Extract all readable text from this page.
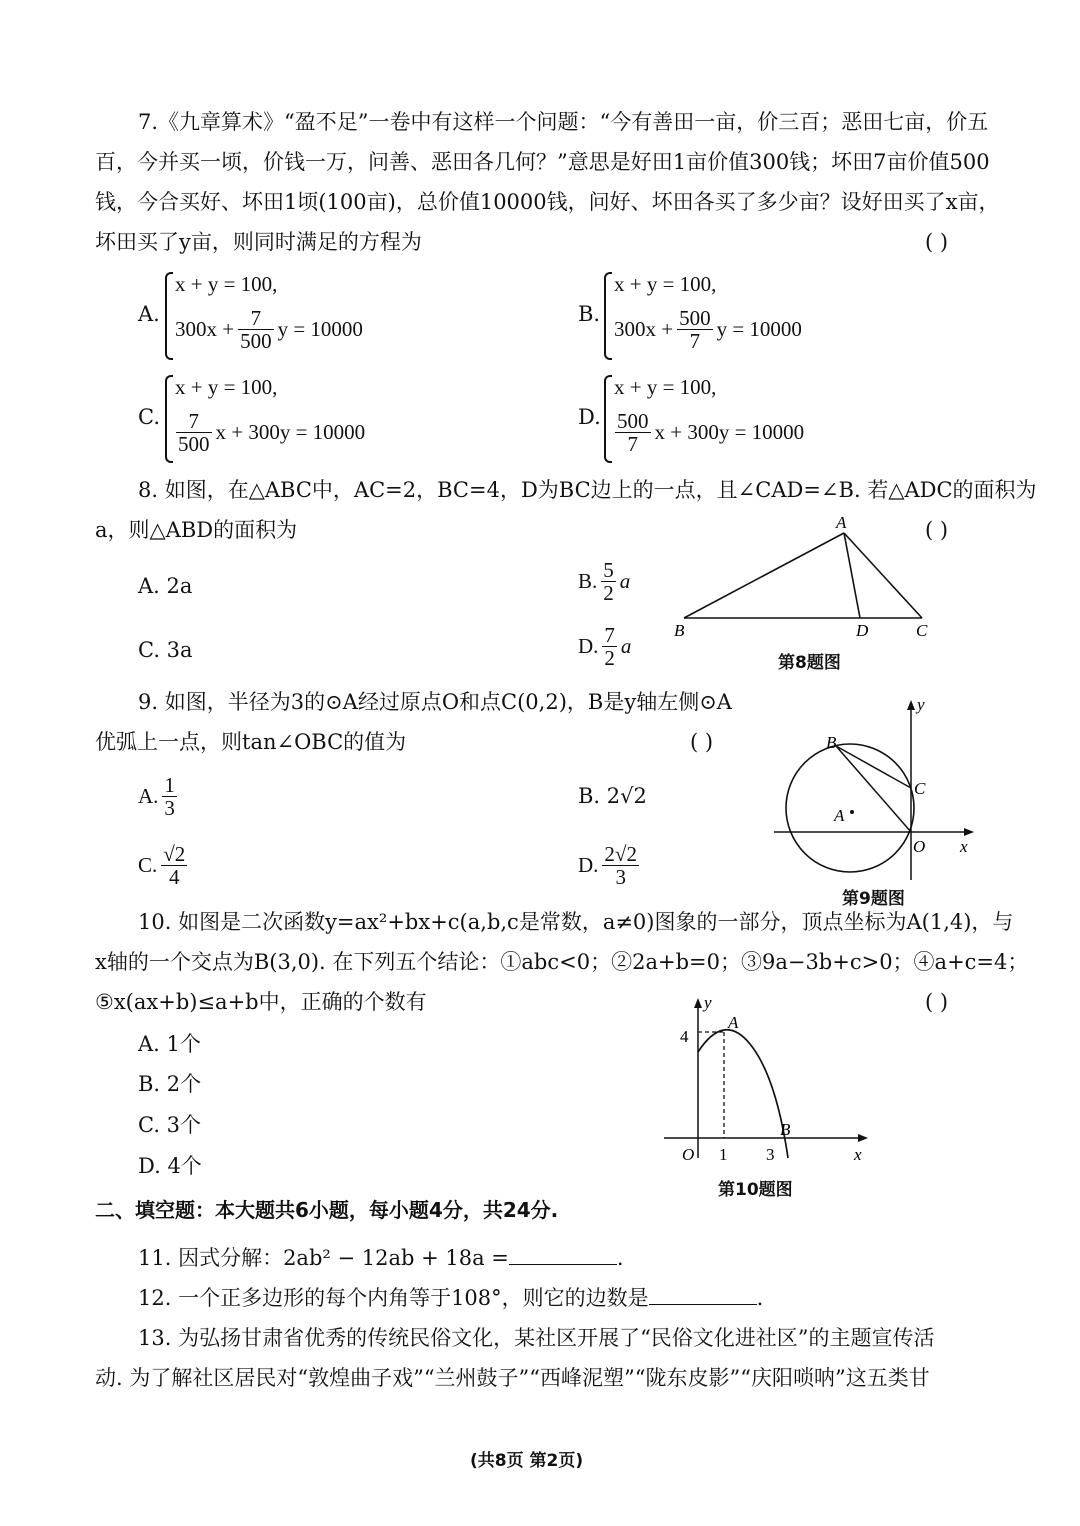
7.《九章算术》“盈不足”一卷中有这样一个问题：“今有善田一亩，价三百；恶田七亩，价五
百，今并买一顷，价钱一万，问善、恶田各几何？”意思是好田1亩价值300钱；坏田7亩价值500
钱，今合买好、坏田1顷(100亩)，总价值10000钱，问好、坏田各买了多少亩？设好田买了x亩，
坏田买了y亩，则同时满足的方程为	( )
A.
x + y = 100,
$300x + \frac{7}{500}$ y = 10000
B.
x + y = 100,
$300x + \frac{500}{7}$ y = 10000
C.
x + y = 100,
$\frac{7}{500}$ x + 300y = 10000
D.
x + y = 100,
$\frac{500}{7}$ x + 300y = 10000
8. 如图，在△ABC中，AC=2，BC=4，D为BC边上的一点，且∠CAD=∠B. 若△ADC的面积为
a，则△ABD的面积为	( )
A. 2a	B. $\frac{5}{2}$ a
C. 3a	D. $\frac{7}{2}$ a
A
B	D	C
第8题图
9. 如图，半径为3的⊙A经过原点O和点C(0,2)，B是y轴左侧⊙A
优弧上一点，则tan∠OBC的值为	( )
A. $\frac{1}{3}$	B. 2√2
C. $\frac{√2}{4}$	D. $\frac{2√2}{3}$
y
B
C
A
O x
第9题图
10. 如图是二次函数y=ax²+bx+c(a,b,c是常数，a≠0)图象的一部分，顶点坐标为A(1,4)，与
x轴的一个交点为B(3,0). 在下列五个结论：①abc<0；②2a+b=0；③9a−3b+c>0；④a+c=4；
⑤x(ax+b)≤a+b中，正确的个数有	( )
A. 1个
B. 2个
C. 3个
D. 4个
y
4
A
B
O 1 3	x
第10题图
二、填空题：本大题共6小题，每小题4分，共24分.
11. 因式分解：2ab² − 12ab + 18a =	.
12. 一个正多边形的每个内角等于108°，则它的边数是	.
13. 为弘扬甘肃省优秀的传统民俗文化，某社区开展了“民俗文化进社区”的主题宣传活
动. 为了解社区居民对“敦煌曲子戏”“兰州鼓子”“西峰泥塑”“陇东皮影”“庆阳唢呐”这五类甘
(共8页 第2页)
